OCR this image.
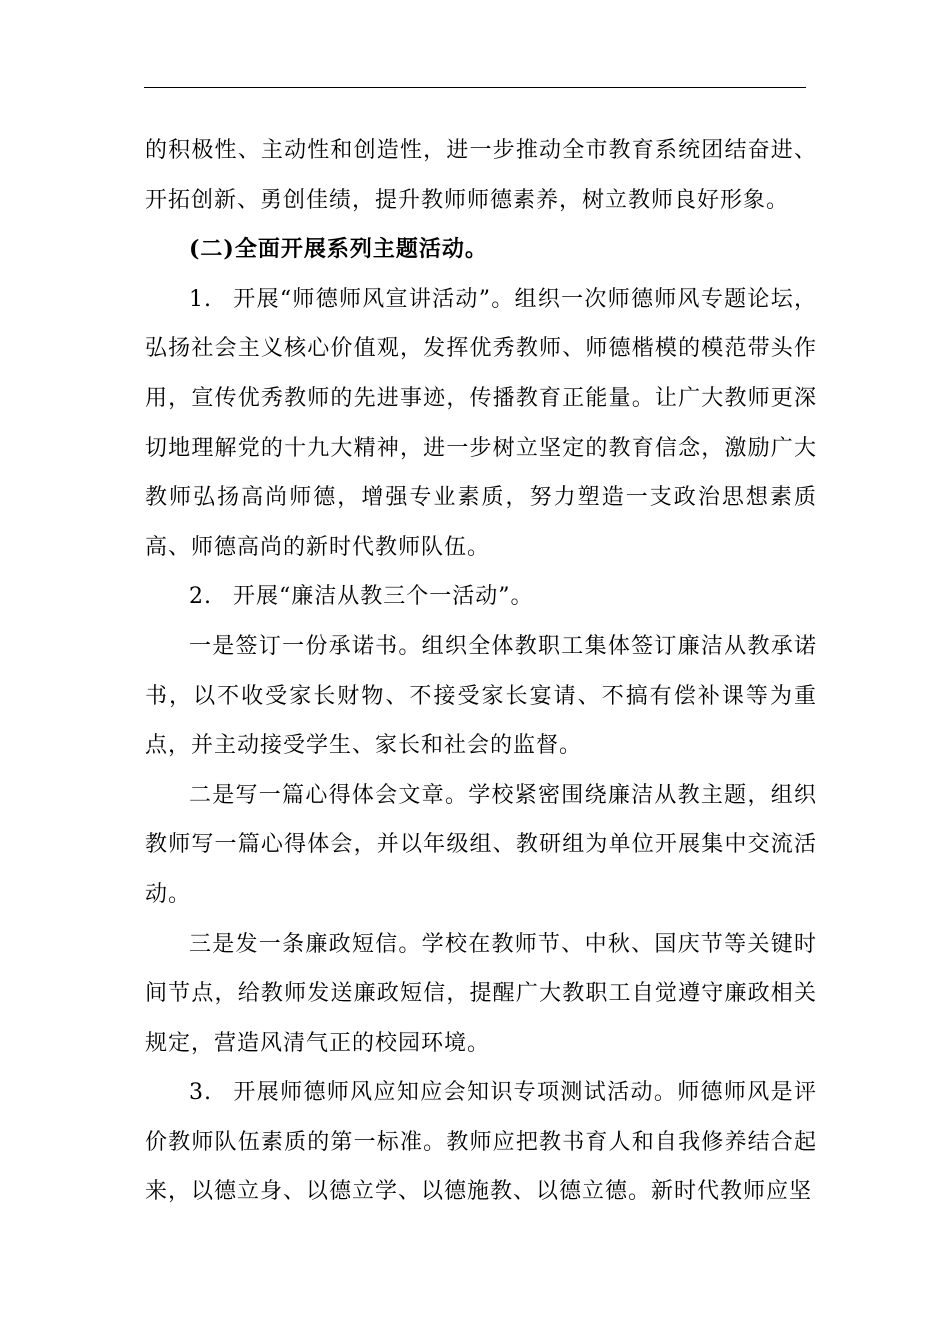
的积极性、主动性和创造性，进一步推动全市教育系统团结奋进、开拓创新、勇创佳绩，提升教师师德素养，树立教师良好形象。

(二)全面开展系列主题活动。

1. 开展“师德师风宣讲活动”。组织一次师德师风专题论坛，弘扬社会主义核心价值观，发挥优秀教师、师德楷模的模范带头作用，宣传优秀教师的先进事迹，传播教育正能量。让广大教师更深切地理解党的十九大精神，进一步树立坚定的教育信念，激励广大教师弘扬高尚师德，增强专业素质，努力塑造一支政治思想素质高、师德高尚的新时代教师队伍。

2. 开展“廉洁从教三个一活动”。

一是签订一份承诺书。组织全体教职工集体签订廉洁从教承诺书，以不收受家长财物、不接受家长宴请、不搞有偿补课等为重点，并主动接受学生、家长和社会的监督。

二是写一篇心得体会文章。学校紧密围绕廉洁从教主题，组织教师写一篇心得体会，并以年级组、教研组为单位开展集中交流活动。

三是发一条廉政短信。学校在教师节、中秋、国庆节等关键时间节点，给教师发送廉政短信，提醒广大教职工自觉遵守廉政相关规定，营造风清气正的校园环境。

3. 开展师德师风应知应会知识专项测试活动。师德师风是评价教师队伍素质的第一标准。教师应把教书育人和自我修养结合起来，以德立身、以德立学、以德施教、以德立德。新时代教师应坚
